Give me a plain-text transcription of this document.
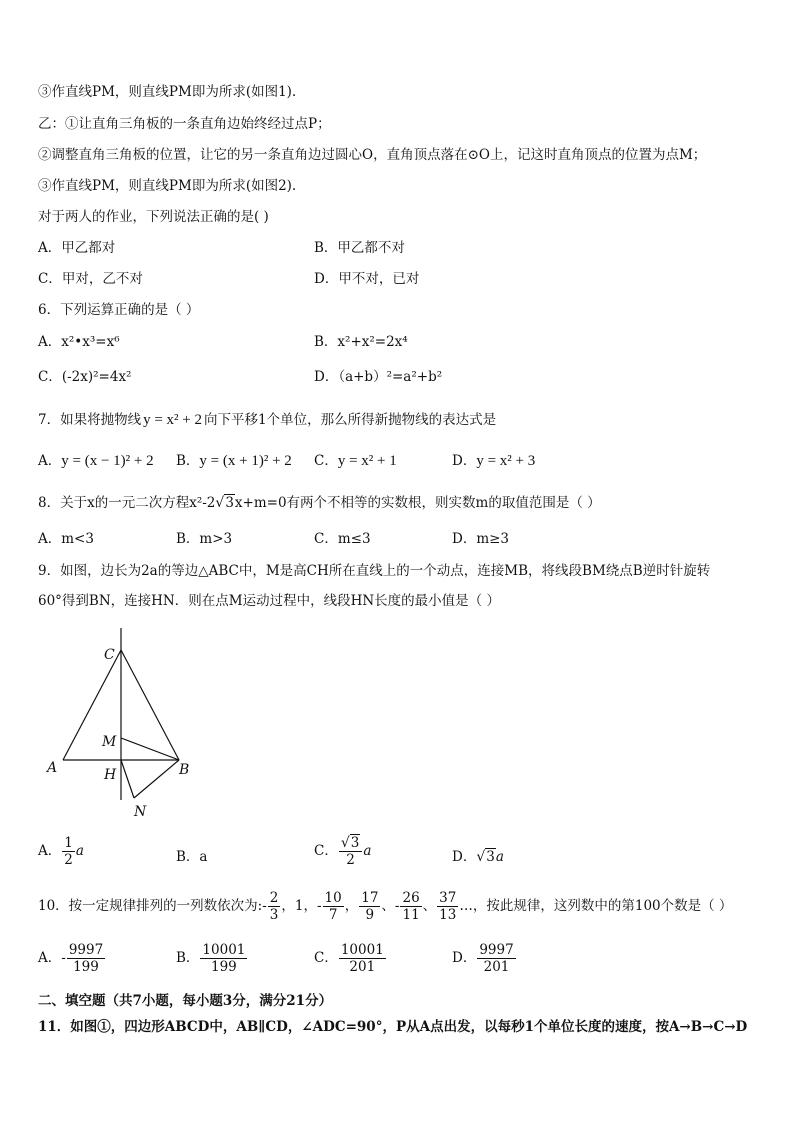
③作直线PM，则直线PM即为所求(如图1).
乙：①让直角三角板的一条直角边始终经过点P；
②调整直角三角板的位置，让它的另一条直角边过圆心O，直角顶点落在⊙O上，记这时直角顶点的位置为点M；
③作直线PM，则直线PM即为所求(如图2).
对于两人的作业，下列说法正确的是( )
A．甲乙都对	B．甲乙都不对
C．甲对，乙不对	D．甲不对，已对
6．下列运算正确的是（ ）
A．x²•x³=x⁶	B．x²+x²=2x⁴
C．(-2x)²=4x²	D．（a+b）²=a²+b²
7．如果将抛物线 y = x² + 2 向下平移1个单位，那么所得新抛物线的表达式是
A．y = (x − 1)² + 2 B．y = (x + 1)² + 2 C．y = x² + 1	D．y = x² + 3
8．关于x的一元二次方程x²-2√3x+m=0有两个不相等的实数根，则实数m的取值范围是（ ）
A．m<3	B．m>3	C．m≤3	D．m≥3
9．如图，边长为2a的等边△ABC中，M是高CH所在直线上的一个动点，连接MB，将线段BM绕点B逆时针旋转
60°得到BN，连接HN．则在点M运动过程中，线段HN长度的最小值是（ ）
C
M
A	H	B
N
A． $\frac{1}{2}$ a	B．a	C． $\frac{√3}{2}$ a	D．√3a
10．按一定规律排列的一列数依次为:- $\frac{2}{3}$ ，1，- $\frac{10}{7}$ ， $\frac{17}{9}$ 、- $\frac{26}{11}$ 、 $\frac{37}{13}$ …，按此规律，这列数中的第100个数是（ ）
A．- $\frac{9997}{199}$	B． $\frac{10001}{199}$	C． $\frac{10001}{201}$	D． $\frac{9997}{201}$
二、填空题（共7小题，每小题3分，满分21分）
11．如图①，四边形ABCD中，AB∥CD，∠ADC=90°，P从A点出发，以每秒1个单位长度的速度，按A→B→C→D
